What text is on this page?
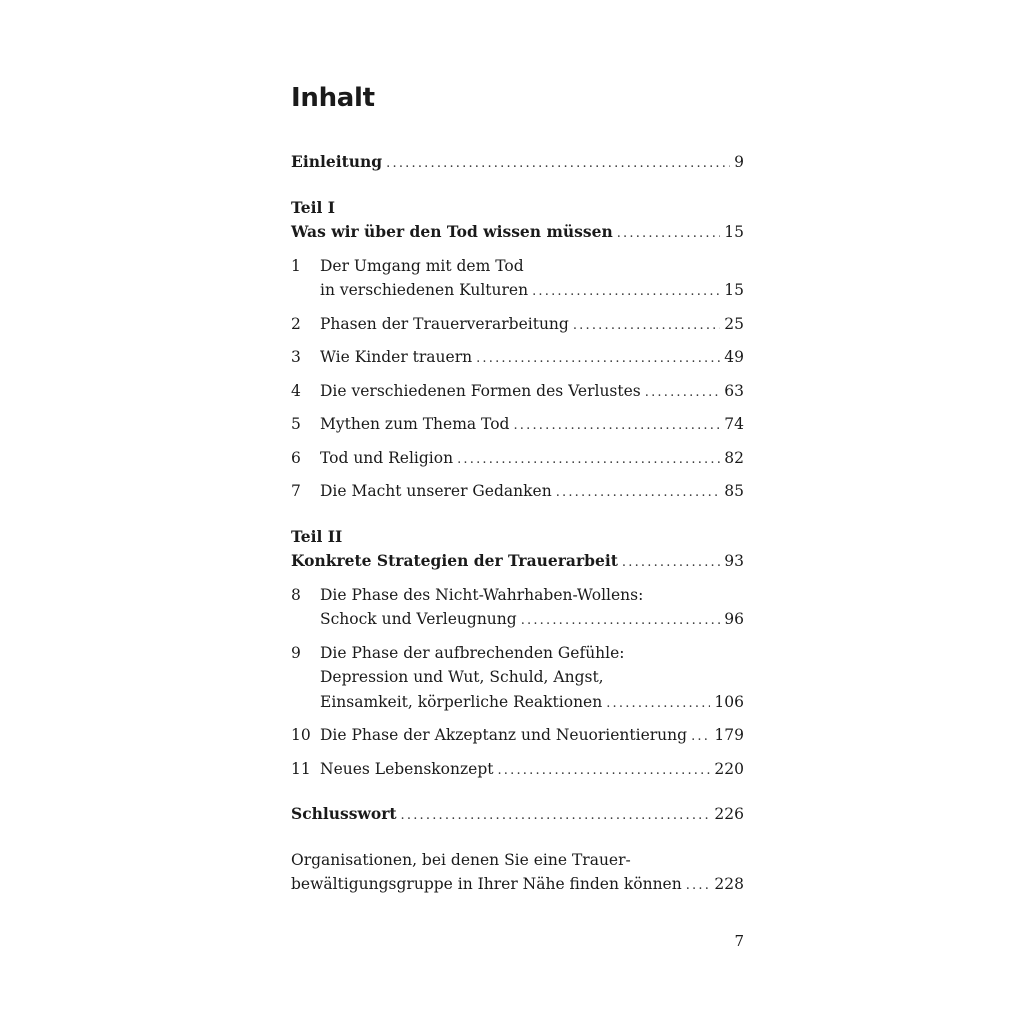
Inhalt
Einleitung .....	9
Teil I
Was wir über den Tod wissen müssen .....	15
1	Der Umgang mit dem Tod
in verschiedenen Kulturen .....	15
2	Phasen der Trauerverarbeitung .....	25
3	Wie Kinder trauern .....	49
4	Die verschiedenen Formen des Verlustes .....	63
5	Mythen zum Thema Tod .....	74
6	Tod und Religion .....	82
7	Die Macht unserer Gedanken .....	85
Teil II
Konkrete Strategien der Trauerarbeit .....	93
8	Die Phase des Nicht-Wahrhaben-Wollens:
Schock und Verleugnung .....	96
9	Die Phase der aufbrechenden Gefühle:
Depression und Wut, Schuld, Angst,
Einsamkeit, körperliche Reaktionen .....	106
10 Die Phase der Akzeptanz und Neuorientierung ..... 179
11 Neues Lebenskonzept .....	220
Schlusswort .....	226
Organisationen, bei denen Sie eine Trauer-
bewältigungsgruppe in Ihrer Nähe finden können ..... 228
7
